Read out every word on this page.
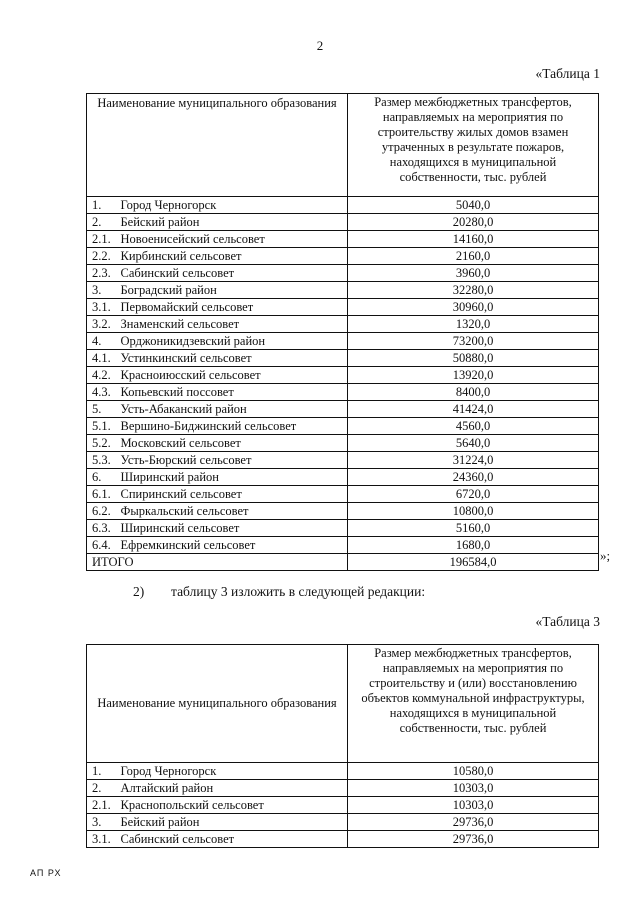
2
«Таблица 1
Наименование муниципального образования		Размер межбюджетных трансфертов, направляемых на мероприятия по строительству жилых домов взамен утраченных в результате пожаров, находящихся в муниципальной собственности, тыс. рублей
1.	Город Черногорск	5040,0
2.	Бейский район	20280,0
2.1.	Новоенисейский сельсовет	14160,0
2.2.	Кирбинский сельсовет	2160,0
2.3.	Сабинский сельсовет	3960,0
3.	Боградский район	32280,0
3.1.	Первомайский сельсовет	30960,0
3.2.	Знаменский сельсовет	1320,0
4.	Орджоникидзевский район	73200,0
4.1.	Устинкинский сельсовет	50880,0
4.2.	Красноиюсский сельсовет	13920,0
4.3.	Копьевский поссовет	8400,0
5.	Усть-Абаканский район	41424,0
5.1.	Вершино-Биджинский сельсовет	4560,0
5.2.	Московский сельсовет	5640,0
5.3.	Усть-Бюрский сельсовет	31224,0
6.	Ширинский район	24360,0
6.1.	Спиринский сельсовет	6720,0
6.2.	Фыркальский сельсовет	10800,0
6.3.	Ширинский сельсовет	5160,0
6.4.	Ефремкинский сельсовет	1680,0
ИТОГО		196584,0	»;
2) таблицу 3 изложить в следующей редакции:
«Таблица 3
Наименование муниципального образования		Размер межбюджетных трансфертов, направляемых на мероприятия по строительству и (или) восстановлению объектов коммунальной инфраструктуры, находящихся в муниципальной собственности, тыс. рублей
1.	Город Черногорск	10580,0
2.	Алтайский район	10303,0
2.1.	Краснопольский сельсовет	10303,0
3.	Бейский район	29736,0
3.1.	Сабинский сельсовет	29736,0
АП РХ
